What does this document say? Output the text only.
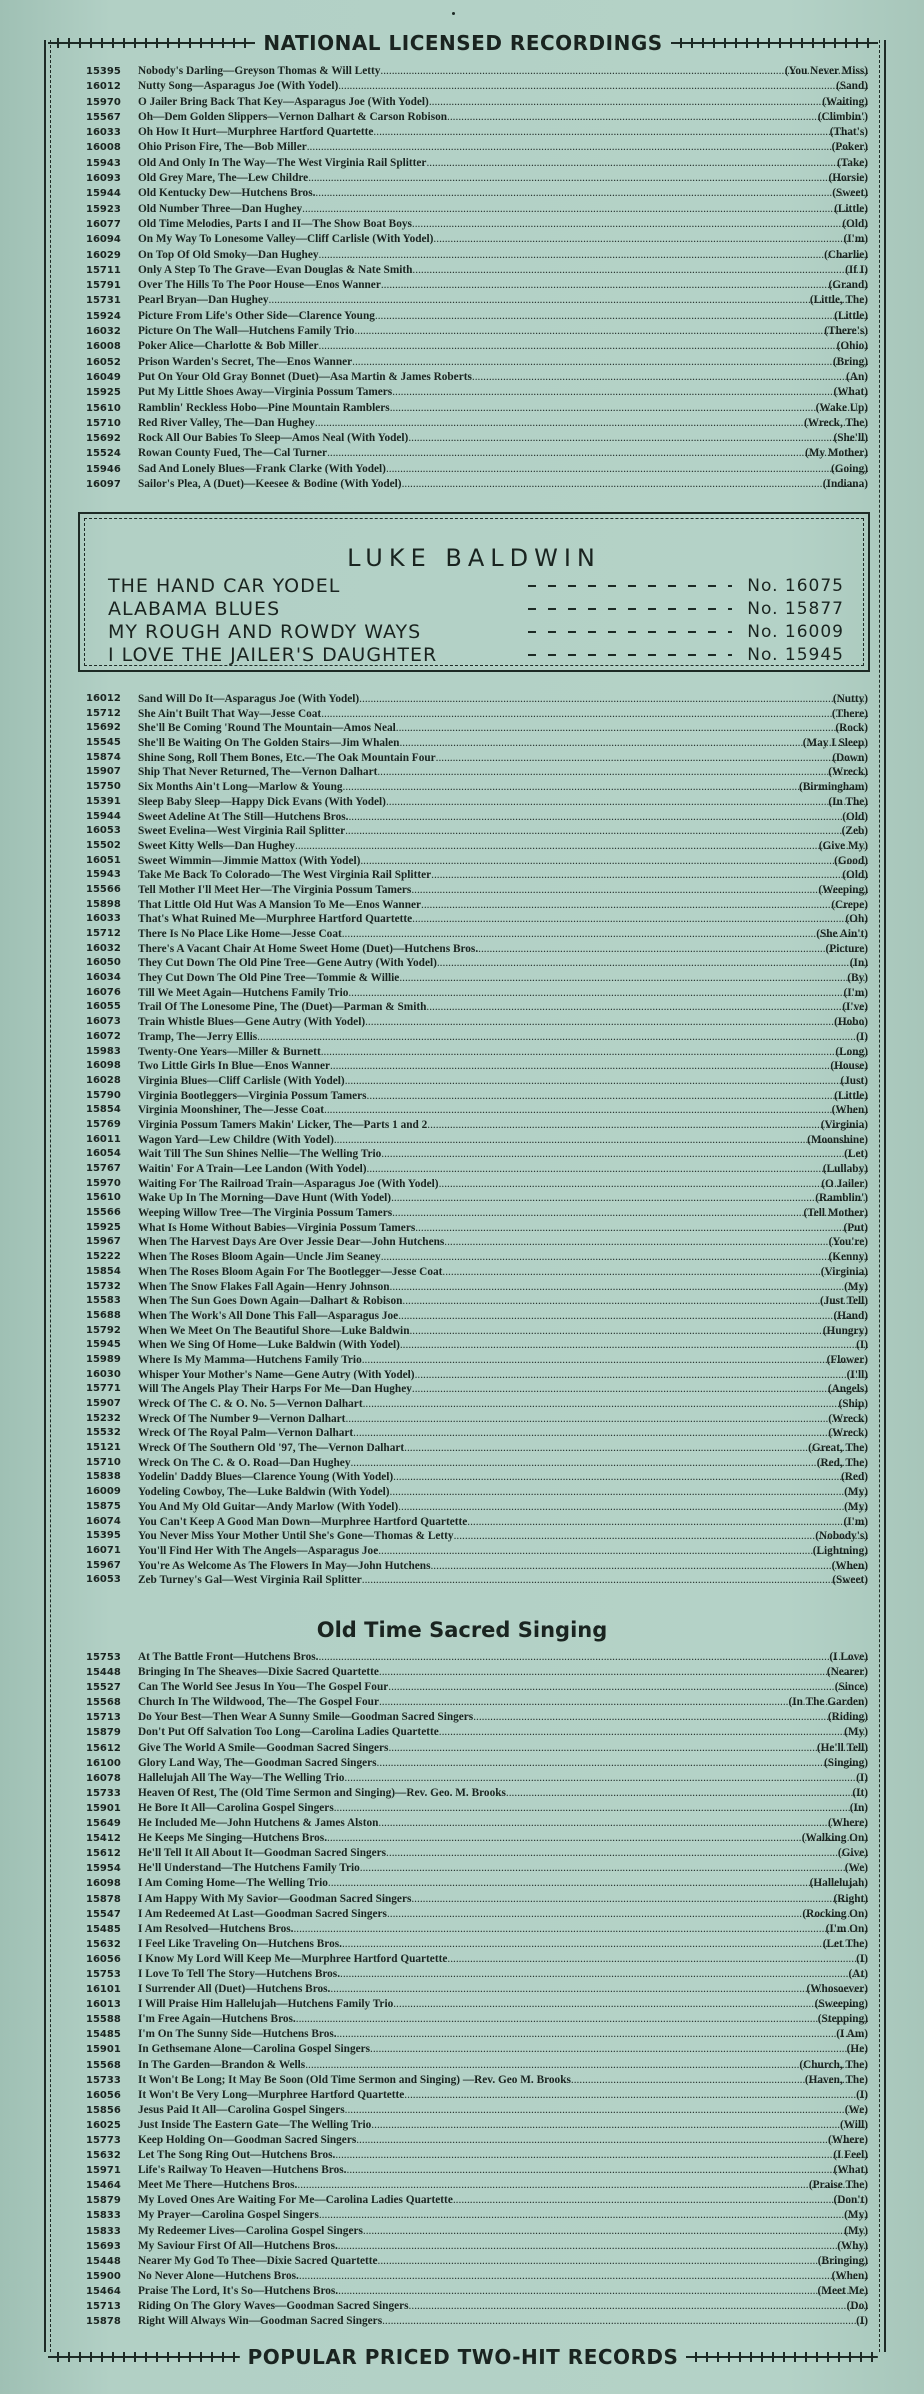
NATIONAL LICENSED RECORDINGS
15395	Nobody's Darling—Greyson Thomas & Will Letty .....	(You Never Miss)
16012	Nutty Song—Asparagus Joe (With Yodel) .....	(Sand)
15970	O Jailer Bring Back That Key—Asparagus Joe (With Yodel) .....	(Waiting)
15567	Oh—Dem Golden Slippers—Vernon Dalhart & Carson Robison .....	(Climbin')
16033	Oh How It Hurt—Murphree Hartford Quartette .....	(That's)
16008	Ohio Prison Fire, The—Bob Miller .....	(Poker)
15943	Old And Only In The Way—The West Virginia Rail Splitter .....	(Take)
16093	Old Grey Mare, The—Lew Childre .....	(Horsie)
15944	Old Kentucky Dew—Hutchens Bros. .....	(Sweet)
15923	Old Number Three—Dan Hughey .....	(Little)
16077	Old Time Melodies, Parts I and II—The Show Boat Boys .....	(Old)
16094	On My Way To Lonesome Valley—Cliff Carlisle (With Yodel) .....	(I'm)
16029	On Top Of Old Smoky—Dan Hughey .....	(Charlie)
15711	Only A Step To The Grave—Evan Douglas & Nate Smith .....	(If I)
15791	Over The Hills To The Poor House—Enos Wanner .....	(Grand)
15731	Pearl Bryan—Dan Hughey .....	(Little, The)
15924	Picture From Life's Other Side—Clarence Young .....	(Little)
16032	Picture On The Wall—Hutchens Family Trio .....	(There's)
16008	Poker Alice—Charlotte & Bob Miller .....	(Ohio)
16052	Prison Warden's Secret, The—Enos Wanner .....	(Bring)
16049	Put On Your Old Gray Bonnet (Duet)—Asa Martin & James Roberts .....	(An)
15925	Put My Little Shoes Away—Virginia Possum Tamers .....	(What)
15610	Ramblin' Reckless Hobo—Pine Mountain Ramblers .....	(Wake Up)
15710	Red River Valley, The—Dan Hughey .....	(Wreck, The)
15692	Rock All Our Babies To Sleep—Amos Neal (With Yodel) .....	(She'll)
15524	Rowan County Fued, The—Cal Turner .....	(My Mother)
15946	Sad And Lonely Blues—Frank Clarke (With Yodel) .....	(Going)
16097	Sailor's Plea, A (Duet)—Keesee & Bodine (With Yodel) .....	(Indiana)
LUKE BALDWIN
THE HAND CAR YODEL	No. 16075
ALABAMA BLUES	No. 15877
MY ROUGH AND ROWDY WAYS	No. 16009
I LOVE THE JAILER'S DAUGHTER	No. 15945
16012	Sand Will Do It—Asparagus Joe (With Yodel) .....	(Nutty)
15712	She Ain't Built That Way—Jesse Coat .....	(There)
15692	She'll Be Coming 'Round The Mountain—Amos Neal .....	(Rock)
15545	She'll Be Waiting On The Golden Stairs—Jim Whalen .....	(May I Sleep)
15874	Shine Song, Roll Them Bones, Etc.—The Oak Mountain Four .....	(Down)
15907	Ship That Never Returned, The—Vernon Dalhart .....	(Wreck)
15750	Six Months Ain't Long—Marlow & Young .....	(Birmingham)
15391	Sleep Baby Sleep—Happy Dick Evans (With Yodel) .....	(In The)
15944	Sweet Adeline At The Still—Hutchens Bros. .....	(Old)
16053	Sweet Evelina—West Virginia Rail Splitter .....	(Zeb)
15502	Sweet Kitty Wells—Dan Hughey .....	(Give My)
16051	Sweet Wimmin—Jimmie Mattox (With Yodel) .....	(Good)
15943	Take Me Back To Colorado—The West Virginia Rail Splitter .....	(Old)
15566	Tell Mother I'll Meet Her—The Virginia Possum Tamers .....	(Weeping)
15898	That Little Old Hut Was A Mansion To Me—Enos Wanner .....	(Crepe)
16033	That's What Ruined Me—Murphree Hartford Quartette .....	(Oh)
15712	There Is No Place Like Home—Jesse Coat .....	(She Ain't)
16032	There's A Vacant Chair At Home Sweet Home (Duet)—Hutchens Bros. .....	(Picture)
16050	They Cut Down The Old Pine Tree—Gene Autry (With Yodel) .....	(In)
16034	They Cut Down The Old Pine Tree—Tommie & Willie .....	(By)
16076	Till We Meet Again—Hutchens Family Trio .....	(I'm)
16055	Trail Of The Lonesome Pine, The (Duet)—Parman & Smith .....	(I've)
16073	Train Whistle Blues—Gene Autry (With Yodel) .....	(Hobo)
16072	Tramp, The—Jerry Ellis .....	(I)
15983	Twenty-One Years—Miller & Burnett .....	(Long)
16098	Two Little Girls In Blue—Enos Wanner .....	(House)
16028	Virginia Blues—Cliff Carlisle (With Yodel) .....	(Just)
15790	Virginia Bootleggers—Virginia Possum Tamers .....	(Little)
15854	Virginia Moonshiner, The—Jesse Coat .....	(When)
15769	Virginia Possum Tamers Makin' Licker, The—Parts 1 and 2 .....	(Virginia)
16011	Wagon Yard—Lew Childre (With Yodel) .....	(Moonshine)
16054	Wait Till The Sun Shines Nellie—The Welling Trio .....	(Let)
15767	Waitin' For A Train—Lee Landon (With Yodel) .....	(Lullaby)
15970	Waiting For The Railroad Train—Asparagus Joe (With Yodel) .....	(O Jailer)
15610	Wake Up In The Morning—Dave Hunt (With Yodel) .....	(Ramblin')
15566	Weeping Willow Tree—The Virginia Possum Tamers .....	(Tell Mother)
15925	What Is Home Without Babies—Virginia Possum Tamers .....	(Put)
15967	When The Harvest Days Are Over Jessie Dear—John Hutchens .....	(You're)
15222	When The Roses Bloom Again—Uncle Jim Seaney .....	(Kenny)
15854	When The Roses Bloom Again For The Bootlegger—Jesse Coat .....	(Virginia)
15732	When The Snow Flakes Fall Again—Henry Johnson .....	(My)
15583	When The Sun Goes Down Again—Dalhart & Robison .....	(Just Tell)
15688	When The Work's All Done This Fall—Asparagus Joe .....	(Hand)
15792	When We Meet On The Beautiful Shore—Luke Baldwin .....	(Hungry)
15945	When We Sing Of Home—Luke Baldwin (With Yodel) .....	(I)
15989	Where Is My Mamma—Hutchens Family Trio .....	(Flower)
16030	Whisper Your Mother's Name—Gene Autry (With Yodel) .....	(I'll)
15771	Will The Angels Play Their Harps For Me—Dan Hughey .....	(Angels)
15907	Wreck Of The C. & O. No. 5—Vernon Dalhart .....	(Ship)
15232	Wreck Of The Number 9—Vernon Dalhart .....	(Wreck)
15532	Wreck Of The Royal Palm—Vernon Dalhart .....	(Wreck)
15121	Wreck Of The Southern Old '97, The—Vernon Dalhart .....	(Great, The)
15710	Wreck On The C. & O. Road—Dan Hughey .....	(Red, The)
15838	Yodelin' Daddy Blues—Clarence Young (With Yodel) .....	(Red)
16009	Yodeling Cowboy, The—Luke Baldwin (With Yodel) .....	(My)
15875	You And My Old Guitar—Andy Marlow (With Yodel) .....	(My)
16074	You Can't Keep A Good Man Down—Murphree Hartford Quartette .....	(I'm)
15395	You Never Miss Your Mother Until She's Gone—Thomas & Letty .....	(Nobody's)
16071	You'll Find Her With The Angels—Asparagus Joe .....	(Lightning)
15967	You're As Welcome As The Flowers In May—John Hutchens .....	(When)
16053	Zeb Turney's Gal—West Virginia Rail Splitter .....	(Sweet)
Old Time Sacred Singing
15753	At The Battle Front—Hutchens Bros. .....	(I Love)
15448	Bringing In The Sheaves—Dixie Sacred Quartette .....	(Nearer)
15527	Can The World See Jesus In You—The Gospel Four .....	(Since)
15568	Church In The Wildwood, The—The Gospel Four .....	(In The Garden)
15713	Do Your Best—Then Wear A Sunny Smile—Goodman Sacred Singers .....	(Riding)
15879	Don't Put Off Salvation Too Long—Carolina Ladies Quartette .....	(My)
15612	Give The World A Smile—Goodman Sacred Singers .....	(He'll Tell)
16100	Glory Land Way, The—Goodman Sacred Singers .....	(Singing)
16078	Hallelujah All The Way—The Welling Trio .....	(I)
15733	Heaven Of Rest, The (Old Time Sermon and Singing)—Rev. Geo. M. Brooks .....	(It)
15901	He Bore It All—Carolina Gospel Singers .....	(In)
15649	He Included Me—John Hutchens & James Alston .....	(Where)
15412	He Keeps Me Singing—Hutchens Bros. .....	(Walking On)
15612	He'll Tell It All About It—Goodman Sacred Singers .....	(Give)
15954	He'll Understand—The Hutchens Family Trio .....	(We)
16098	I Am Coming Home—The Welling Trio .....	(Hallelujah)
15878	I Am Happy With My Savior—Goodman Sacred Singers .....	(Right)
15547	I Am Redeemed At Last—Goodman Sacred Singers .....	(Rocking On)
15485	I Am Resolved—Hutchens Bros. .....	(I'm On)
15632	I Feel Like Traveling On—Hutchens Bros. .....	(Let The)
16056	I Know My Lord Will Keep Me—Murphree Hartford Quartette .....	(I)
15753	I Love To Tell The Story—Hutchens Bros. .....	(At)
16101	I Surrender All (Duet)—Hutchens Bros. .....	(Whosoever)
16013	I Will Praise Him Hallelujah—Hutchens Family Trio .....	(Sweeping)
15588	I'm Free Again—Hutchens Bros. .....	(Stepping)
15485	I'm On The Sunny Side—Hutchens Bros. .....	(I Am)
15901	In Gethsemane Alone—Carolina Gospel Singers .....	(He)
15568	In The Garden—Brandon & Wells .....	(Church, The)
15733	It Won't Be Long; It May Be Soon (Old Time Sermon and Singing) —Rev. Geo M. Brooks .....	(Haven, The)
16056	It Won't Be Very Long—Murphree Hartford Quartette .....	(I)
15856	Jesus Paid It All—Carolina Gospel Singers .....	(We)
16025	Just Inside The Eastern Gate—The Welling Trio .....	(Will)
15773	Keep Holding On—Goodman Sacred Singers .....	(Where)
15632	Let The Song Ring Out—Hutchens Bros. .....	(I Feel)
15971	Life's Railway To Heaven—Hutchens Bros. .....	(What)
15464	Meet Me There—Hutchens Bros. .....	(Praise The)
15879	My Loved Ones Are Waiting For Me—Carolina Ladies Quartette .....	(Don't)
15833	My Prayer—Carolina Gospel Singers .....	(My)
15833	My Redeemer Lives—Carolina Gospel Singers .....	(My)
15693	My Saviour First Of All—Hutchens Bros. .....	(Why)
15448	Nearer My God To Thee—Dixie Sacred Quartette .....	(Bringing)
15900	No Never Alone—Hutchens Bros. .....	(When)
15464	Praise The Lord, It's So—Hutchens Bros. .....	(Meet Me)
15713	Riding On The Glory Waves—Goodman Sacred Singers .....	(Do)
15878	Right Will Always Win—Goodman Sacred Singers .....	(I)
POPULAR PRICED TWO-HIT RECORDS
